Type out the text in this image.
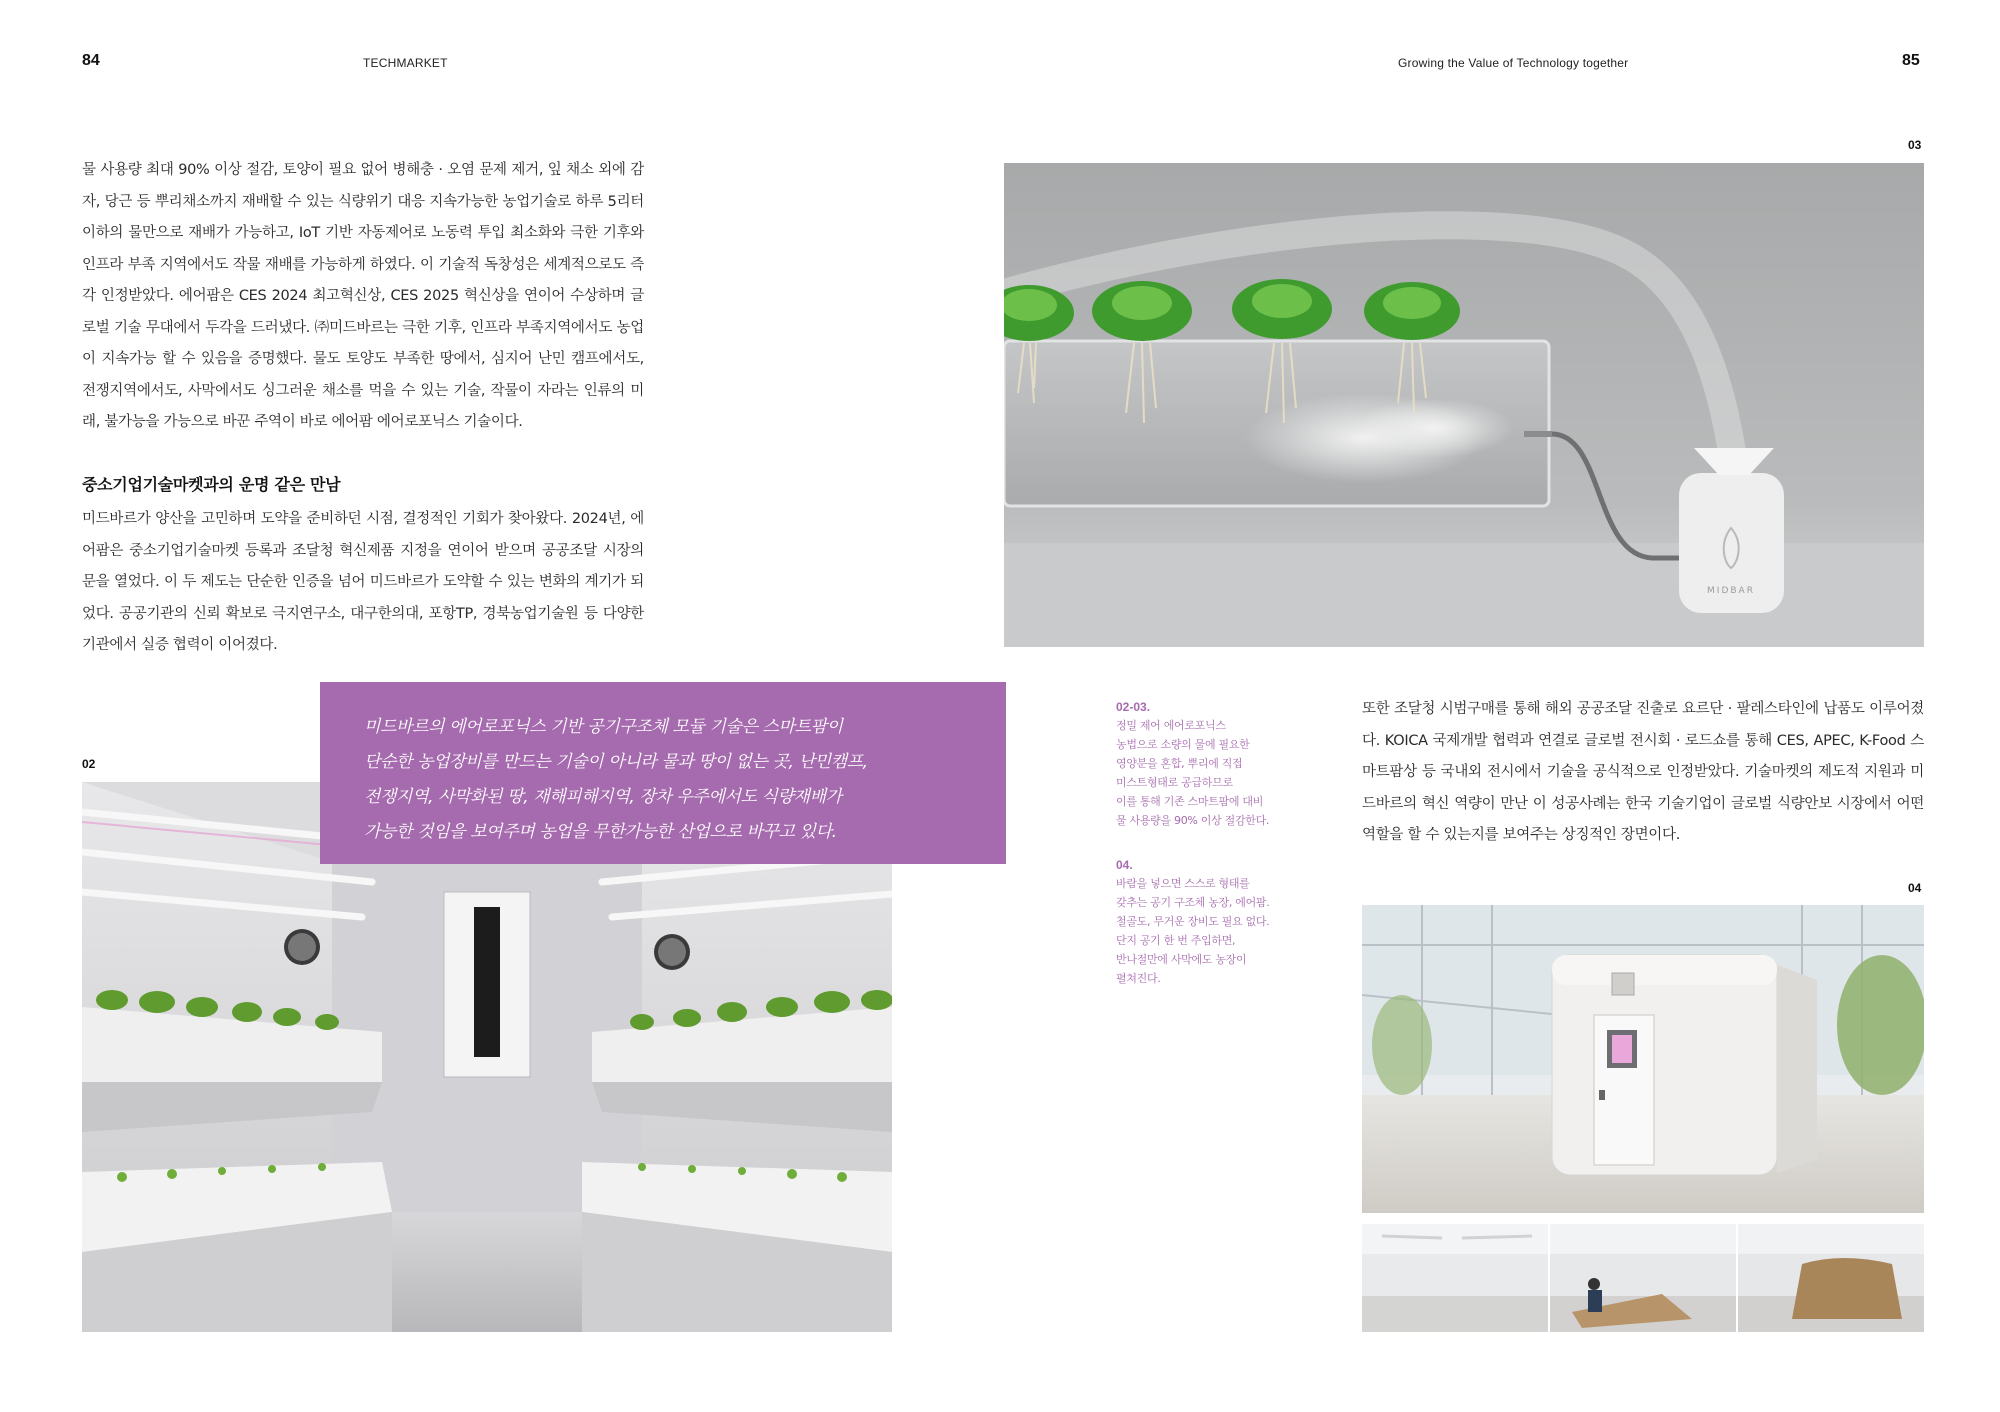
84	TECHMARKET	Growing the Value of Technology together	85

물 사용량 최대 90% 이상 절감, 토양이 필요 없어 병해충 · 오염 문제 제거, 잎 채소 외에 감자, 당근 등 뿌리채소까지 재배할 수 있는 식량위기 대응 지속가능한 농업기술로 하루 5리터 이하의 물만으로 재배가 가능하고, IoT 기반 자동제어로 노동력 투입 최소화와 극한 기후와 인프라 부족 지역에서도 작물 재배를 가능하게 하였다. 이 기술적 독창성은 세계적으로도 즉각 인정받았다. 에어팜은 CES 2024 최고혁신상, CES 2025 혁신상을 연이어 수상하며 글로벌 기술 무대에서 두각을 드러냈다. ㈜미드바르는 극한 기후, 인프라 부족지역에서도 농업이 지속가능 할 수 있음을 증명했다. 물도 토양도 부족한 땅에서, 심지어 난민 캠프에서도, 전쟁지역에서도, 사막에서도 싱그러운 채소를 먹을 수 있는 기술, 작물이 자라는 인류의 미래, 불가능을 가능으로 바꾼 주역이 바로 에어팜 에어로포닉스 기술이다.

중소기업기술마켓과의 운명 같은 만남

미드바르가 양산을 고민하며 도약을 준비하던 시점, 결정적인 기회가 찾아왔다. 2024년, 에어팜은 중소기업기술마켓 등록과 조달청 혁신제품 지정을 연이어 받으며 공공조달 시장의 문을 열었다. 이 두 제도는 단순한 인증을 넘어 미드바르가 도약할 수 있는 변화의 계기가 되었다. 공공기관의 신뢰 확보로 극지연구소, 대구한의대, 포항TP, 경북농업기술원 등 다양한 기관에서 실증 협력이 이어졌다.

02
미드바르의 에어로포닉스 기반 공기구조체 모듈 기술은 스마트팜이
단순한 농업장비를 만드는 기술이 아니라 물과 땅이 없는 곳, 난민캠프,
전쟁지역, 사막화된 땅, 재해피해지역, 장차 우주에서도 식량재배가
가능한 것임을 보여주며 농업을 무한가능한 산업으로 바꾸고 있다.
03
MIDBAR
02-03.
정밀 제어 에어로포닉스
농법으로 소량의 물에 필요한
영양분을 혼합, 뿌리에 직접
미스트형태로 공급하므로
이를 통해 기존 스마트팜에 대비
물 사용량을 90% 이상 절감한다.
04.
바람을 넣으면 스스로 형태를
갖추는 공기 구조체 농장, 에어팜.
철골도, 무거운 장비도 필요 없다.
단지 공기 한 번 주입하면,
반나절만에 사막에도 농장이
펼쳐진다.

또한 조달청 시범구매를 통해 해외 공공조달 진출로 요르단 · 팔레스타인에 납품도 이루어졌다. KOICA 국제개발 협력과 연결로 글로벌 전시회 · 로드쇼를 통해 CES, APEC, K-Food 스마트팜상 등 국내외 전시에서 기술을 공식적으로 인정받았다. 기술마켓의 제도적 지원과 미드바르의 혁신 역량이 만난 이 성공사례는 한국 기술기업이 글로벌 식량안보 시장에서 어떤 역할을 할 수 있는지를 보여주는 상징적인 장면이다.

04
